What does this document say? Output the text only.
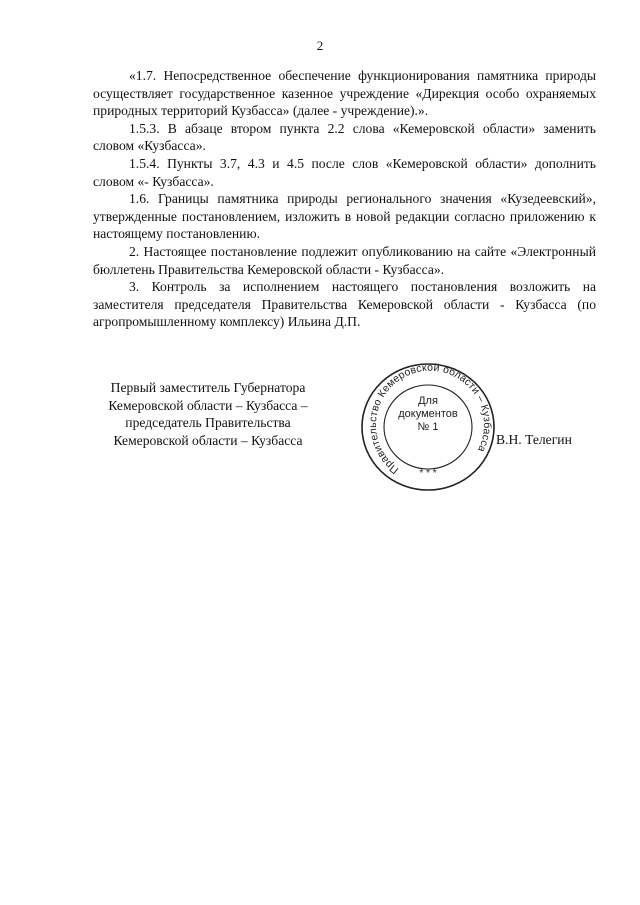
2

«1.7. Непосредственное обеспечение функционирования памятника природы осуществляет государственное казенное учреждение «Дирекция особо охраняемых природных территорий Кузбасса» (далее - учреждение).».

1.5.3. В абзаце втором пункта 2.2 слова «Кемеровской области» заменить словом «Кузбасса».

1.5.4. Пункты 3.7, 4.3 и 4.5 после слов «Кемеровской области» дополнить словом «- Кузбасса».

1.6. Границы памятника природы регионального значения «Кузедеевский», утвержденные постановлением, изложить в новой редакции согласно приложению к настоящему постановлению.

2. Настоящее постановление подлежит опубликованию на сайте «Электронный бюллетень Правительства Кемеровской области - Кузбасса».

3. Контроль за исполнением настоящего постановления возложить на заместителя председателя Правительства Кемеровской области - Кузбасса (по агропромышленному комплексу) Ильина Д.П.

Первый заместитель Губернатора
Кемеровской области – Кузбасса –
председатель Правительства
Кемеровской области – Кузбасса
Правительство Кемеровской области – Кузбасса
Для
документов
№ 1
* * *
В.Н. Телегин
